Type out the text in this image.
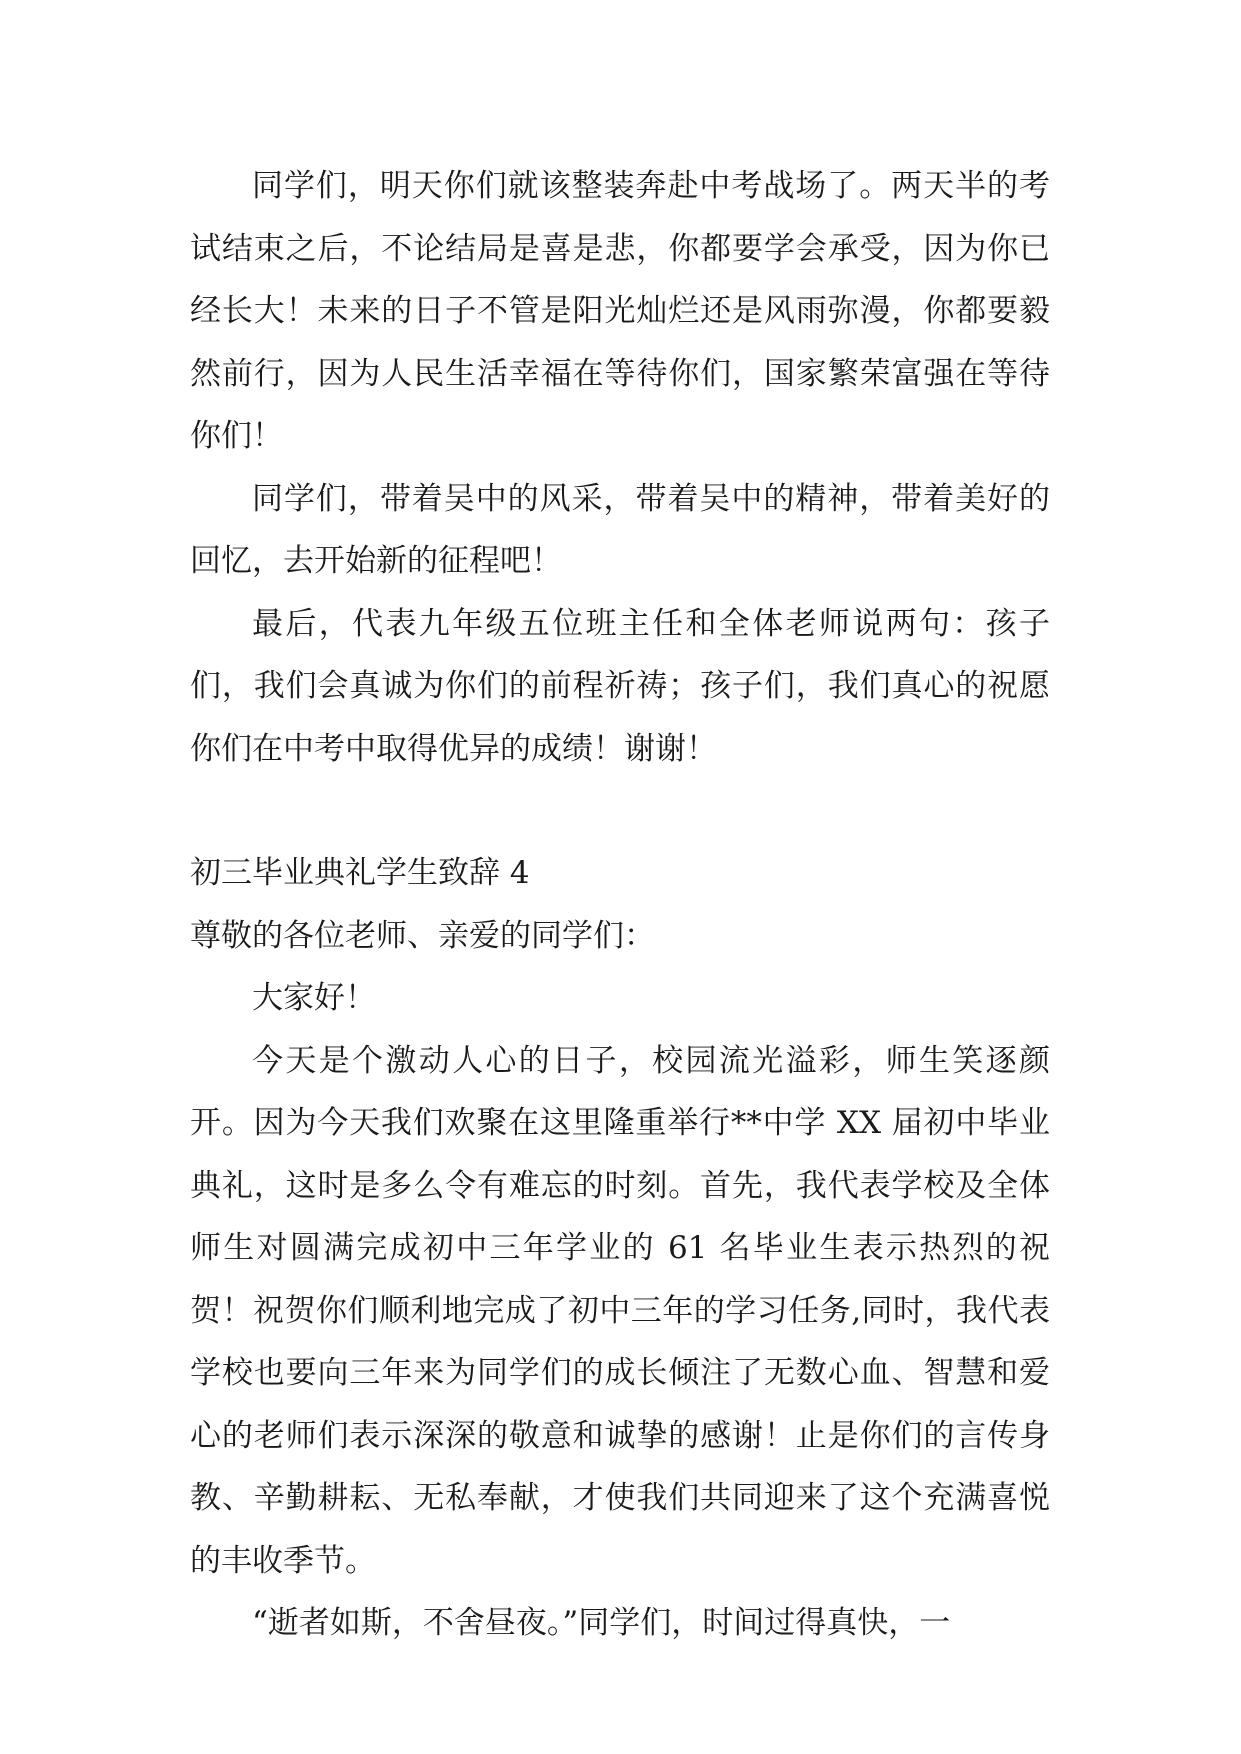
同学们，明天你们就该整装奔赴中考战场了。两天半的考试结束之后，不论结局是喜是悲，你都要学会承受，因为你已经长大！未来的日子不管是阳光灿烂还是风雨弥漫，你都要毅然前行，因为人民生活幸福在等待你们，国家繁荣富强在等待你们！

同学们，带着吴中的风采，带着吴中的精神，带着美好的回忆，去开始新的征程吧！

最后，代表九年级五位班主任和全体老师说两句：孩子们，我们会真诚为你们的前程祈祷；孩子们，我们真心的祝愿你们在中考中取得优异的成绩！谢谢！

初三毕业典礼学生致辞 4

尊敬的各位老师、亲爱的同学们：

大家好！

今天是个激动人心的日子，校园流光溢彩，师生笑逐颜开。因为今天我们欢聚在这里隆重举行**中学 XX 届初中毕业典礼，这时是多么令有难忘的时刻。首先，我代表学校及全体师生对圆满完成初中三年学业的 61 名毕业生表示热烈的祝贺！祝贺你们顺利地完成了初中三年的学习任务,同时，我代表学校也要向三年来为同学们的成长倾注了无数心血、智慧和爱心的老师们表示深深的敬意和诚挚的感谢！止是你们的言传身教、辛勤耕耘、无私奉献，才使我们共同迎来了这个充满喜悦的丰收季节。

“逝者如斯，不舍昼夜。”同学们，时间过得真快，一
